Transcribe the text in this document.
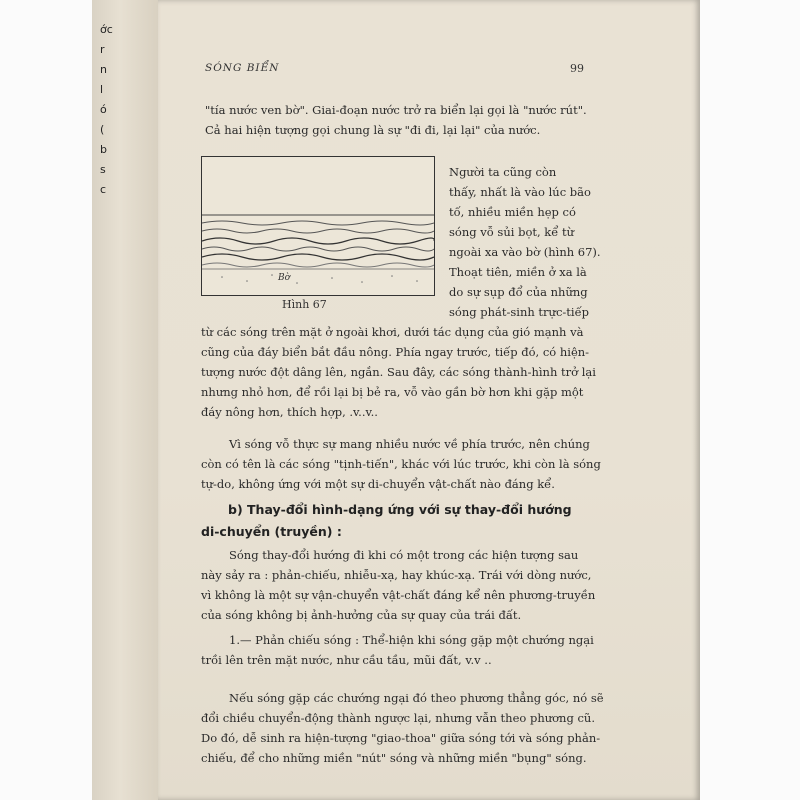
ớc
r
n
l
ó
(
b
s
c
SÓNG BIỂN	99
"tía nước ven bờ". Giai-đoạn nước trở ra biển lại gọi là "nước rút".
Cả hai hiện tượng gọi chung là sự "đi đi, lại lại" của nước.
Bờ
Hình 67
Người ta cũng còn
thấy, nhất là vào lúc bão
tố, nhiều miền hẹp có
sóng vỗ sủi bọt, kể từ
ngoài xa vào bờ (hình 67).
Thoạt tiên, miền ở xa là
do sự sụp đổ của những
sóng phát-sinh trực-tiếp
từ các sóng trên mặt ở ngoài khơi, dưới tác dụng của gió mạnh và
cũng của đáy biển bắt đầu nông. Phía ngay trước, tiếp đó, có hiện-
tượng nước đột dâng lên, ngắn. Sau đây, các sóng thành-hình trở lại
nhưng nhỏ hơn, để rồi lại bị bẻ ra, vỗ vào gần bờ hơn khi gặp một
đáy nông hơn, thích hợp, .v..v..
Vì sóng vỗ thực sự mang nhiều nước về phía trước, nên chúng
còn có tên là các sóng "tịnh-tiến", khác với lúc trước, khi còn là sóng
tự-do, không ứng với một sự di-chuyển vật-chất nào đáng kể.
b) Thay-đổi hình-dạng ứng với sự thay-đổi hướng
di-chuyển (truyền) :
Sóng thay-đổi hướng đi khi có một trong các hiện tượng sau
này sảy ra : phản-chiếu, nhiễu-xạ, hay khúc-xạ. Trái với dòng nước,
vì không là một sự vận-chuyển vật-chất đáng kể nên phương-truyền
của sóng không bị ảnh-hưởng của sự quay của trái đất.
1.— Phản chiếu sóng : Thể-hiện khi sóng gặp một chướng ngại
trồi lên trên mặt nước, như cầu tầu, mũi đất, v.v ..
Nếu sóng gặp các chướng ngại đó theo phương thẳng góc, nó sẽ
đổi chiều chuyển-động thành ngược lại, nhưng vẫn theo phương cũ.
Do đó, dễ sinh ra hiện-tượng "giao-thoa" giữa sóng tới và sóng phản-
chiếu, để cho những miền "nút" sóng và những miền "bụng" sóng.
